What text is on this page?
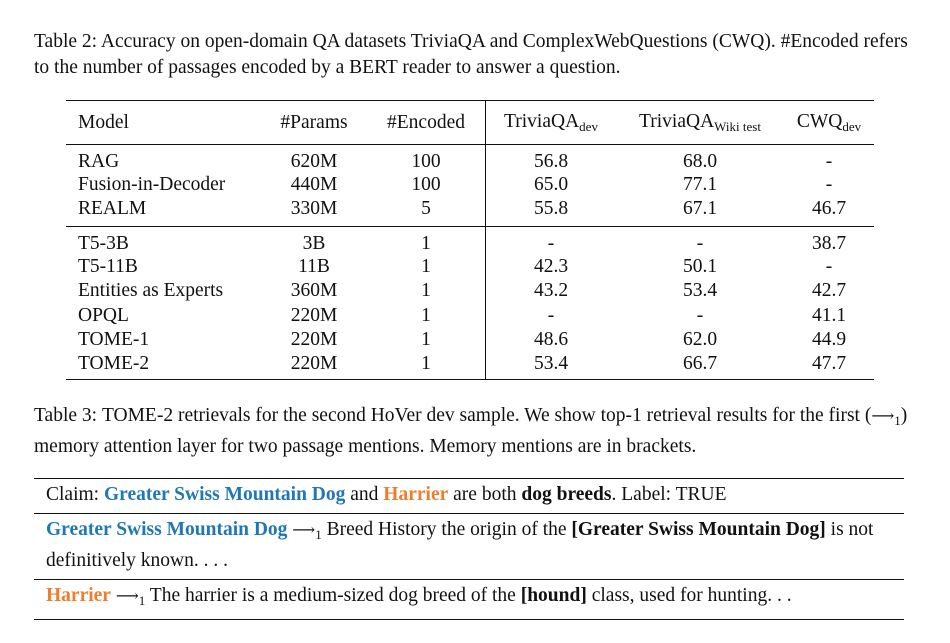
Table 2: Accuracy on open-domain QA datasets TriviaQA and ComplexWebQuestions (CWQ). #Encoded refers to the number of passages encoded by a BERT reader to answer a question.

Model	#Params	#Encoded	TriviaQA$_{dev}$	TriviaQA$_{Wiki test}$	$CWQ_{dev}$
RAG	620M	100	56.8	68.0	-
Fusion-in-Decoder	440M	100	65.0	77.1	-
REALM	330M	5	55.8	67.1	46.7
T5-3B	3B	1	-	-	38.7
T5-11B	11B	1	42.3	50.1	-
Entities as Experts	360M	1	43.2	53.4	42.7
OPQL	220M	1	-	-	41.1
TOME-1	220M	1	48.6	62.0	44.9
TOME-2	220M	1	53.4	66.7	47.7

Table 3: TOME-2 retrievals for the second HoVer dev sample. We show top-1 retrieval results for the first $(⟶_1)$ memory attention layer for two passage mentions. Memory mentions are in brackets.

Claim: Greater Swiss Mountain Dog and Harrier are both dog breeds. Label: TRUE
Greater Swiss Mountain Dog $⟶_1$ Breed History the origin of the [Greater Swiss Mountain Dog] is not definitively known. . . .
Harrier $⟶_1$ The harrier is a medium-sized dog breed of the [hound] class, used for hunting. . .
